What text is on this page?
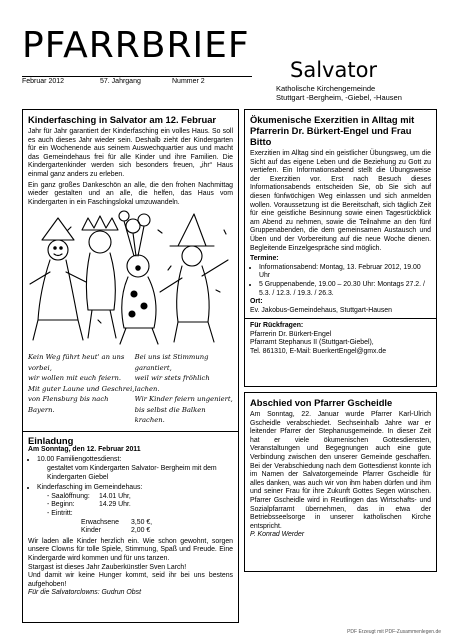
PFARRBRIEF
Februar 2012	57. Jahrgang	Nummer 2	Salvator
Katholische Kirchengemeinde
Stuttgart -Bergheim, -Giebel, -Hausen

Kinderfasching in Salvator am 12. Februar

Jahr für Jahr garantiert der Kinderfasching ein volles Haus. So soll es auch dieses Jahr wieder sein. Deshalb zieht der Kindergarten für ein Wochenende aus seinem Auswechquartier aus und macht das Gemeindehaus frei für alle Kinder und ihre Familien. Die Kindergartenkinder werden sich besonders freuen, „ihr“ Haus einmal ganz anders zu erleben.

Ein ganz großes Dankeschön an alle, die den frohen Nachmittag wieder gestalten und an alle, die helfen, das Haus vom Kindergarten in ein Faschingslokal umzuwandeln.

Kein Weg führt heut' an uns vorbei,
wir wollen mit euch feiern.
Mit guter Laune und Geschrei,
von Flensburg bis nach Bayern.
Bei uns ist Stimmung garantiert,
weil wir stets fröhlich lachen.
Wir Kinder feiern ungeniert,
bis selbst die Balken krachen.

Einladung

Am Sonntag, den 12. Februar 2011

• 10.00 Familiengottesdienst:
gestaltet vom Kindergarten Salvator- Bergheim mit dem Kindergarten Giebel
• Kinderfasching im Gemeindehaus:
- Saalöffnung:	14.01 Uhr,
- Beginn:	14.29 Uhr.
- Eintritt:
Erwachsene	3,50 €,
Kinder	2,00 €

Wir laden alle Kinder herzlich ein. Wie schon gewohnt, sorgen unsere Clowns für tolle Spiele, Stimmung, Spaß und Freude. Eine Kindergarde wird kommen und für uns tanzen.

Stargast ist dieses Jahr Zauberkünstler Sven Larch!

Und damit wir keine Hunger kommt, seid ihr bei uns bestens aufgehoben!

Für die Salvatorclowns: Gudrun Obst

Ökumenische Exerzitien in Alltag mit Pfarrerin Dr. Bürkert-Engel und Frau Bitto

Exerzitien im Alltag sind ein geistlicher Übungsweg, um die Sicht auf das eigene Leben und die Beziehung zu Gott zu vertiefen. Ein Informationsabend stellt die Übungsweise der Exerzitien vor. Erst nach Besuch dieses Informationsabends entscheiden Sie, ob Sie sich auf diesen fünfwöchigen Weg einlassen und sich anmelden wollen. Voraussetzung ist die Bereitschaft, sich täglich Zeit für eine geistliche Besinnung sowie einen Tagesrückblick am Abend zu nehmen, sowie die Teilnahme an den fünf Gruppenabenden, die dem gemeinsamen Austausch und Üben und der Vorbereitung auf die neue Woche dienen. Begleitende Einzelgespräche sind möglich.

Termine:

• Informationsabend: Montag, 13. Februar 2012, 19.00 Uhr
• 5 Gruppenabende, 19.00 – 20.30 Uhr: Montags 27.2. / 5.3. / 12.3. / 19.3. / 26.3.

Ort:

Ev. Jakobus-Gemeindehaus, Stuttgart-Hausen

Für Rückfragen:

Pfarrerin Dr. Bürkert-Engel

Pfarramt Stephanus II (Stuttgart-Giebel),

Tel. 861310, E-Mail: BuerkertEngel@gmx.de

Abschied von Pfarrer Gscheidle

Am Sonntag, 22. Januar wurde Pfarrer Karl-Ulrich Gscheidle verabschiedet. Sechseinhalb Jahre war er leitender Pfarrer der Stephanusgemeinde. In dieser Zeit hat er viele ökumenischen Gottesdiensten, Veranstaltungen und Begegnungen auch eine gute Verbindung zwischen den unserer Gemeinde geschaffen. Bei der Verabschiedung nach dem Gottesdienst konnte ich im Namen der Salvatorgemeinde Pfarrer Gscheidle für alles danken, was auch wir von ihm haben dürfen und ihm und seiner Frau für ihre Zukunft Gottes Segen wünschen. Pfarrer Gscheidle wird in Reutlingen das Wirtschafts- und Sozialpfarramt übernehmen, das in etwa der Betriebsseelsorge in unserer katholischen Kirche entspricht.

P. Konrad Werder

PDF Erzeugt mit PDF-Zusammenlegen.de
